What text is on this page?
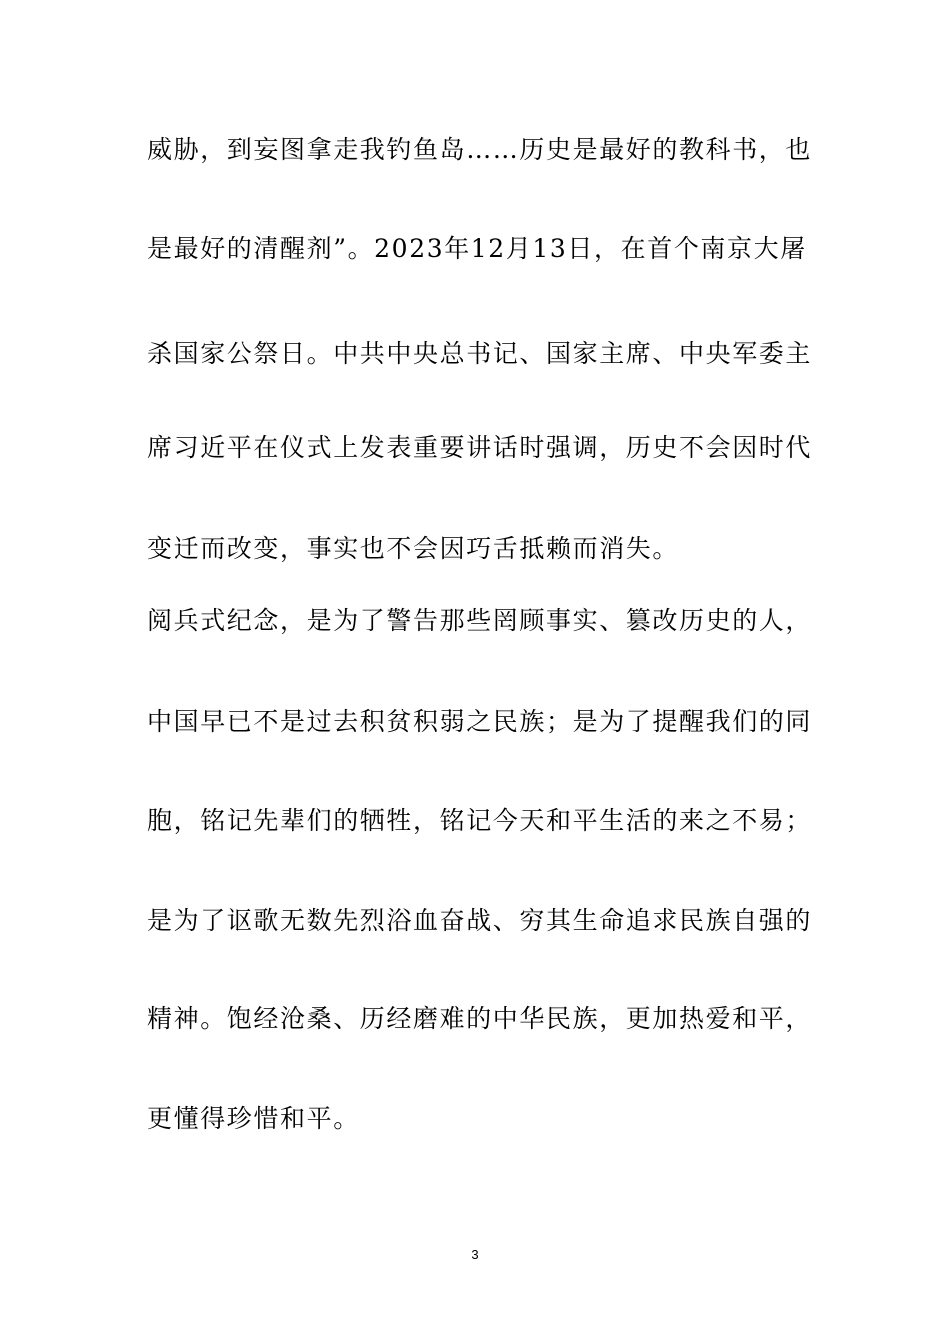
威胁，到妄图拿走我钓鱼岛……历史是最好的教科书，也
是最好的清醒剂”。2023年12月13日，在首个南京大屠
杀国家公祭日。中共中央总书记、国家主席、中央军委主
席习近平在仪式上发表重要讲话时强调，历史不会因时代
变迁而改变，事实也不会因巧舌抵赖而消失。
阅兵式纪念，是为了警告那些罔顾事实、篡改历史的人，
中国早已不是过去积贫积弱之民族；是为了提醒我们的同
胞，铭记先辈们的牺牲，铭记今天和平生活的来之不易；
是为了讴歌无数先烈浴血奋战、穷其生命追求民族自强的
精神。饱经沧桑、历经磨难的中华民族，更加热爱和平，
更懂得珍惜和平。
3
